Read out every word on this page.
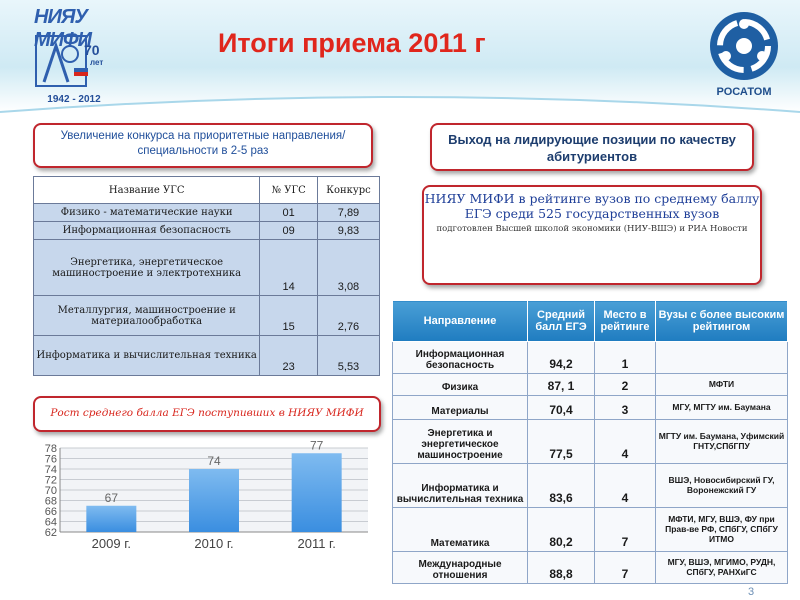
НИЯУ МИФИ
70
лет
1942 - 2012
Итоги приема 2011 г
РОСАТОМ
Увеличение конкурса на приоритетные направления/специальности в 2-5 раз
Выход на лидирующие позиции по качеству абитуриентов
НИЯУ МИФИ в рейтинге вузов по среднему баллу ЕГЭ среди 525 государственных вузов
подготовлен Высшей школой экономики (НИУ-ВШЭ) и РИА Новости
Название УГС	№ УГС	Конкурс
Физико - математические науки	01	7,89
Информационная безопасность	09	9,83
Энергетика, энергетическое машиностроение и электротехника	14	3,08
Металлургия, машиностроение и материалообработка	15	2,76
Информатика и вычислительная техника	23	5,53
Рост среднего балла ЕГЭ поступивших в НИЯУ МИФИ
62
64
66
68
70
72
74
76
78
67
2009 г.
74
2010 г.
77
2011 г.
Направление	Средний балл ЕГЭ	Место в рейтинге	Вузы с более высоким рейтингом
Информационная безопасность	94,2	1	
Физика	87, 1	2	МФТИ
Материалы	70,4	3	МГУ, МГТУ им. Баумана
Энергетика и энергетическое машиностроение	77,5	4	МГТУ им. Баумана, Уфимский ГНТУ,СПбГПУ
Информатика и вычислительная техника	83,6	4	ВШЭ, Новосибирский ГУ, Воронежский ГУ
Математика	80,2	7	МФТИ, МГУ, ВШЭ, ФУ при Прав-ве РФ, СПбГУ, СПбГУ ИТМО
Международные отношения	88,8	7	МГУ, ВШЭ, МГИМО, РУДН, СПбГУ, РАНХиГС
3
